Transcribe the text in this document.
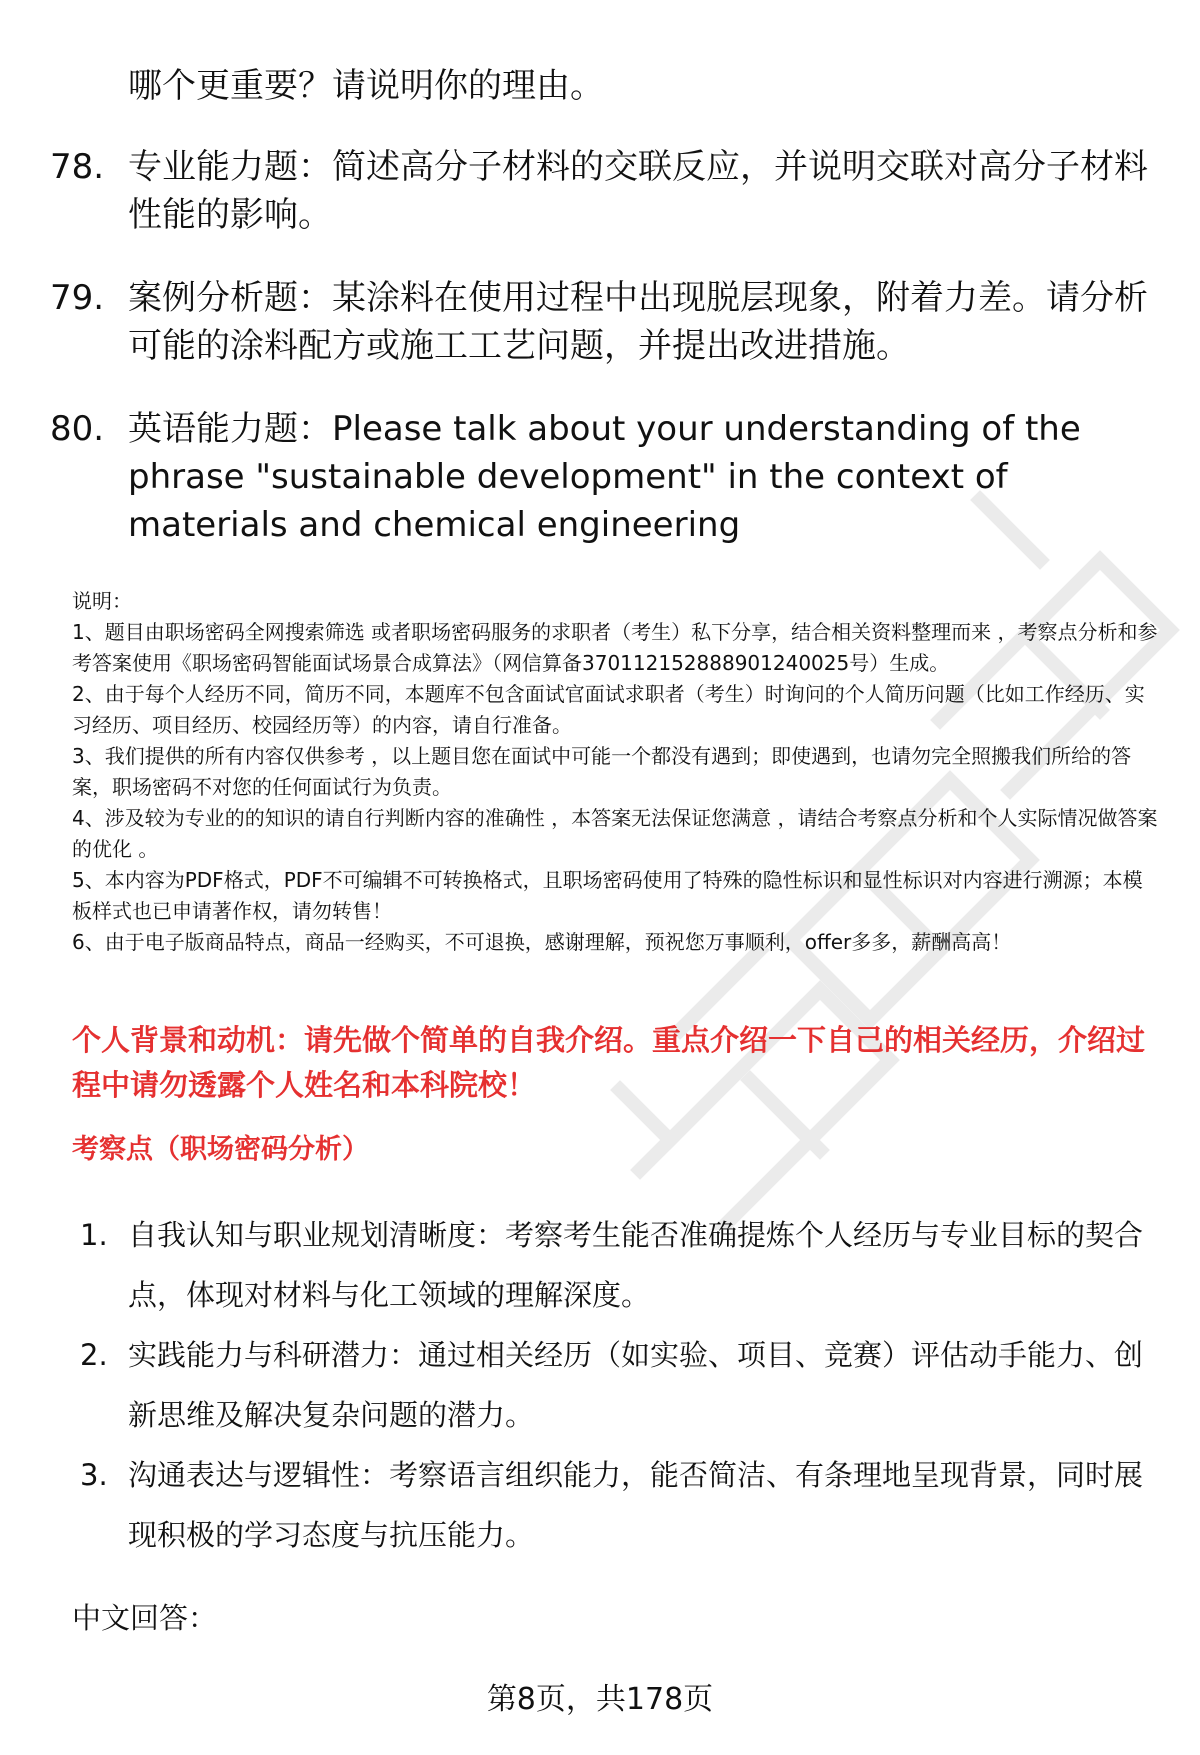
哪个更重要？请说明你的理由。
78. 专业能力题：简述高分子材料的交联反应，并说明交联对高分子材料性能的影响。
79. 案例分析题：某涂料在使用过程中出现脱层现象，附着力差。请分析可能的涂料配方或施工工艺问题，并提出改进措施。
80. 英语能力题：Please talk about your understanding of the phrase "sustainable development" in the context of materials and chemical engineering
说明：
1、题目由职场密码全网搜索筛选 或者职场密码服务的求职者（考生）私下分享，结合相关资料整理而来 ，考察点分析和参考答案使用《职场密码智能面试场景合成算法》（网信算备370112152888901240025号）生成。
2、由于每个人经历不同，简历不同，本题库不包含面试官面试求职者（考生）时询问的个人简历问题（比如工作经历、实习经历、项目经历、校园经历等）的内容，请自行准备。
3、我们提供的所有内容仅供参考 ，以上题目您在面试中可能一个都没有遇到；即使遇到，也请勿完全照搬我们所给的答案，职场密码不对您的任何面试行为负责。
4、涉及较为专业的的知识的请自行判断内容的准确性 ，本答案无法保证您满意 ，请结合考察点分析和个人实际情况做答案的优化 。
5、本内容为PDF格式，PDF不可编辑不可转换格式，且职场密码使用了特殊的隐性标识和显性标识对内容进行溯源；本模板样式也已申请著作权，请勿转售！
6、由于电子版商品特点，商品一经购买，不可退换，感谢理解，预祝您万事顺利，offer多多，薪酬高高！
个人背景和动机：请先做个简单的自我介绍。重点介绍一下自己的相关经历，介绍过程中请勿透露个人姓名和本科院校！
考察点（职场密码分析）
1. 自我认知与职业规划清晰度：考察考生能否准确提炼个人经历与专业目标的契合点，体现对材料与化工领域的理解深度。
2. 实践能力与科研潜力：通过相关经历（如实验、项目、竞赛）评估动手能力、创新思维及解决复杂问题的潜力。
3. 沟通表达与逻辑性：考察语言组织能力，能否简洁、有条理地呈现背景，同时展现积极的学习态度与抗压能力。
中文回答：
第8页，共178页
